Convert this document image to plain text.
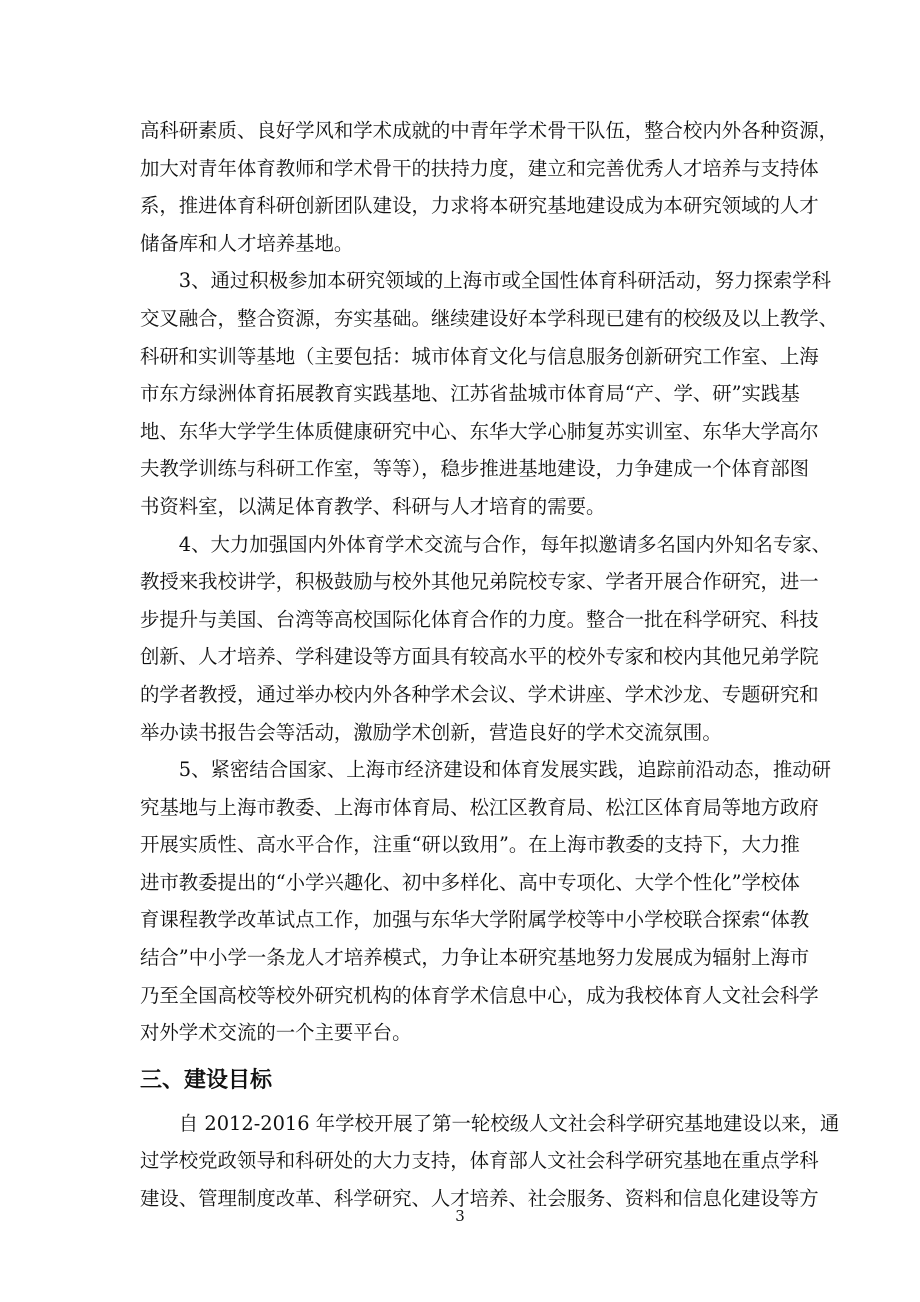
高科研素质、良好学风和学术成就的中青年学术骨干队伍，整合校内外各种资源，
加大对青年体育教师和学术骨干的扶持力度，建立和完善优秀人才培养与支持体
系，推进体育科研创新团队建设，力求将本研究基地建设成为本研究领域的人才
储备库和人才培养基地。

3、通过积极参加本研究领域的上海市或全国性体育科研活动，努力探索学科
交叉融合，整合资源，夯实基础。继续建设好本学科现已建有的校级及以上教学、
科研和实训等基地（主要包括：城市体育文化与信息服务创新研究工作室、上海
市东方绿洲体育拓展教育实践基地、江苏省盐城市体育局“产、学、研”实践基
地、东华大学学生体质健康研究中心、东华大学心肺复苏实训室、东华大学高尔
夫教学训练与科研工作室，等等），稳步推进基地建设，力争建成一个体育部图
书资料室，以满足体育教学、科研与人才培育的需要。

4、大力加强国内外体育学术交流与合作，每年拟邀请多名国内外知名专家、
教授来我校讲学，积极鼓励与校外其他兄弟院校专家、学者开展合作研究，进一
步提升与美国、台湾等高校国际化体育合作的力度。整合一批在科学研究、科技
创新、人才培养、学科建设等方面具有较高水平的校外专家和校内其他兄弟学院
的学者教授，通过举办校内外各种学术会议、学术讲座、学术沙龙、专题研究和
举办读书报告会等活动，激励学术创新，营造良好的学术交流氛围。

5、紧密结合国家、上海市经济建设和体育发展实践，追踪前沿动态，推动研
究基地与上海市教委、上海市体育局、松江区教育局、松江区体育局等地方政府
开展实质性、高水平合作，注重“研以致用”。在上海市教委的支持下，大力推
进市教委提出的“小学兴趣化、初中多样化、高中专项化、大学个性化”学校体
育课程教学改革试点工作，加强与东华大学附属学校等中小学校联合探索“体教
结合”中小学一条龙人才培养模式，力争让本研究基地努力发展成为辐射上海市
乃至全国高校等校外研究机构的体育学术信息中心，成为我校体育人文社会科学
对外学术交流的一个主要平台。

三、建设目标

自 2012-2016 年学校开展了第一轮校级人文社会科学研究基地建设以来，通
过学校党政领导和科研处的大力支持，体育部人文社会科学研究基地在重点学科
建设、管理制度改革、科学研究、人才培养、社会服务、资料和信息化建设等方

3
